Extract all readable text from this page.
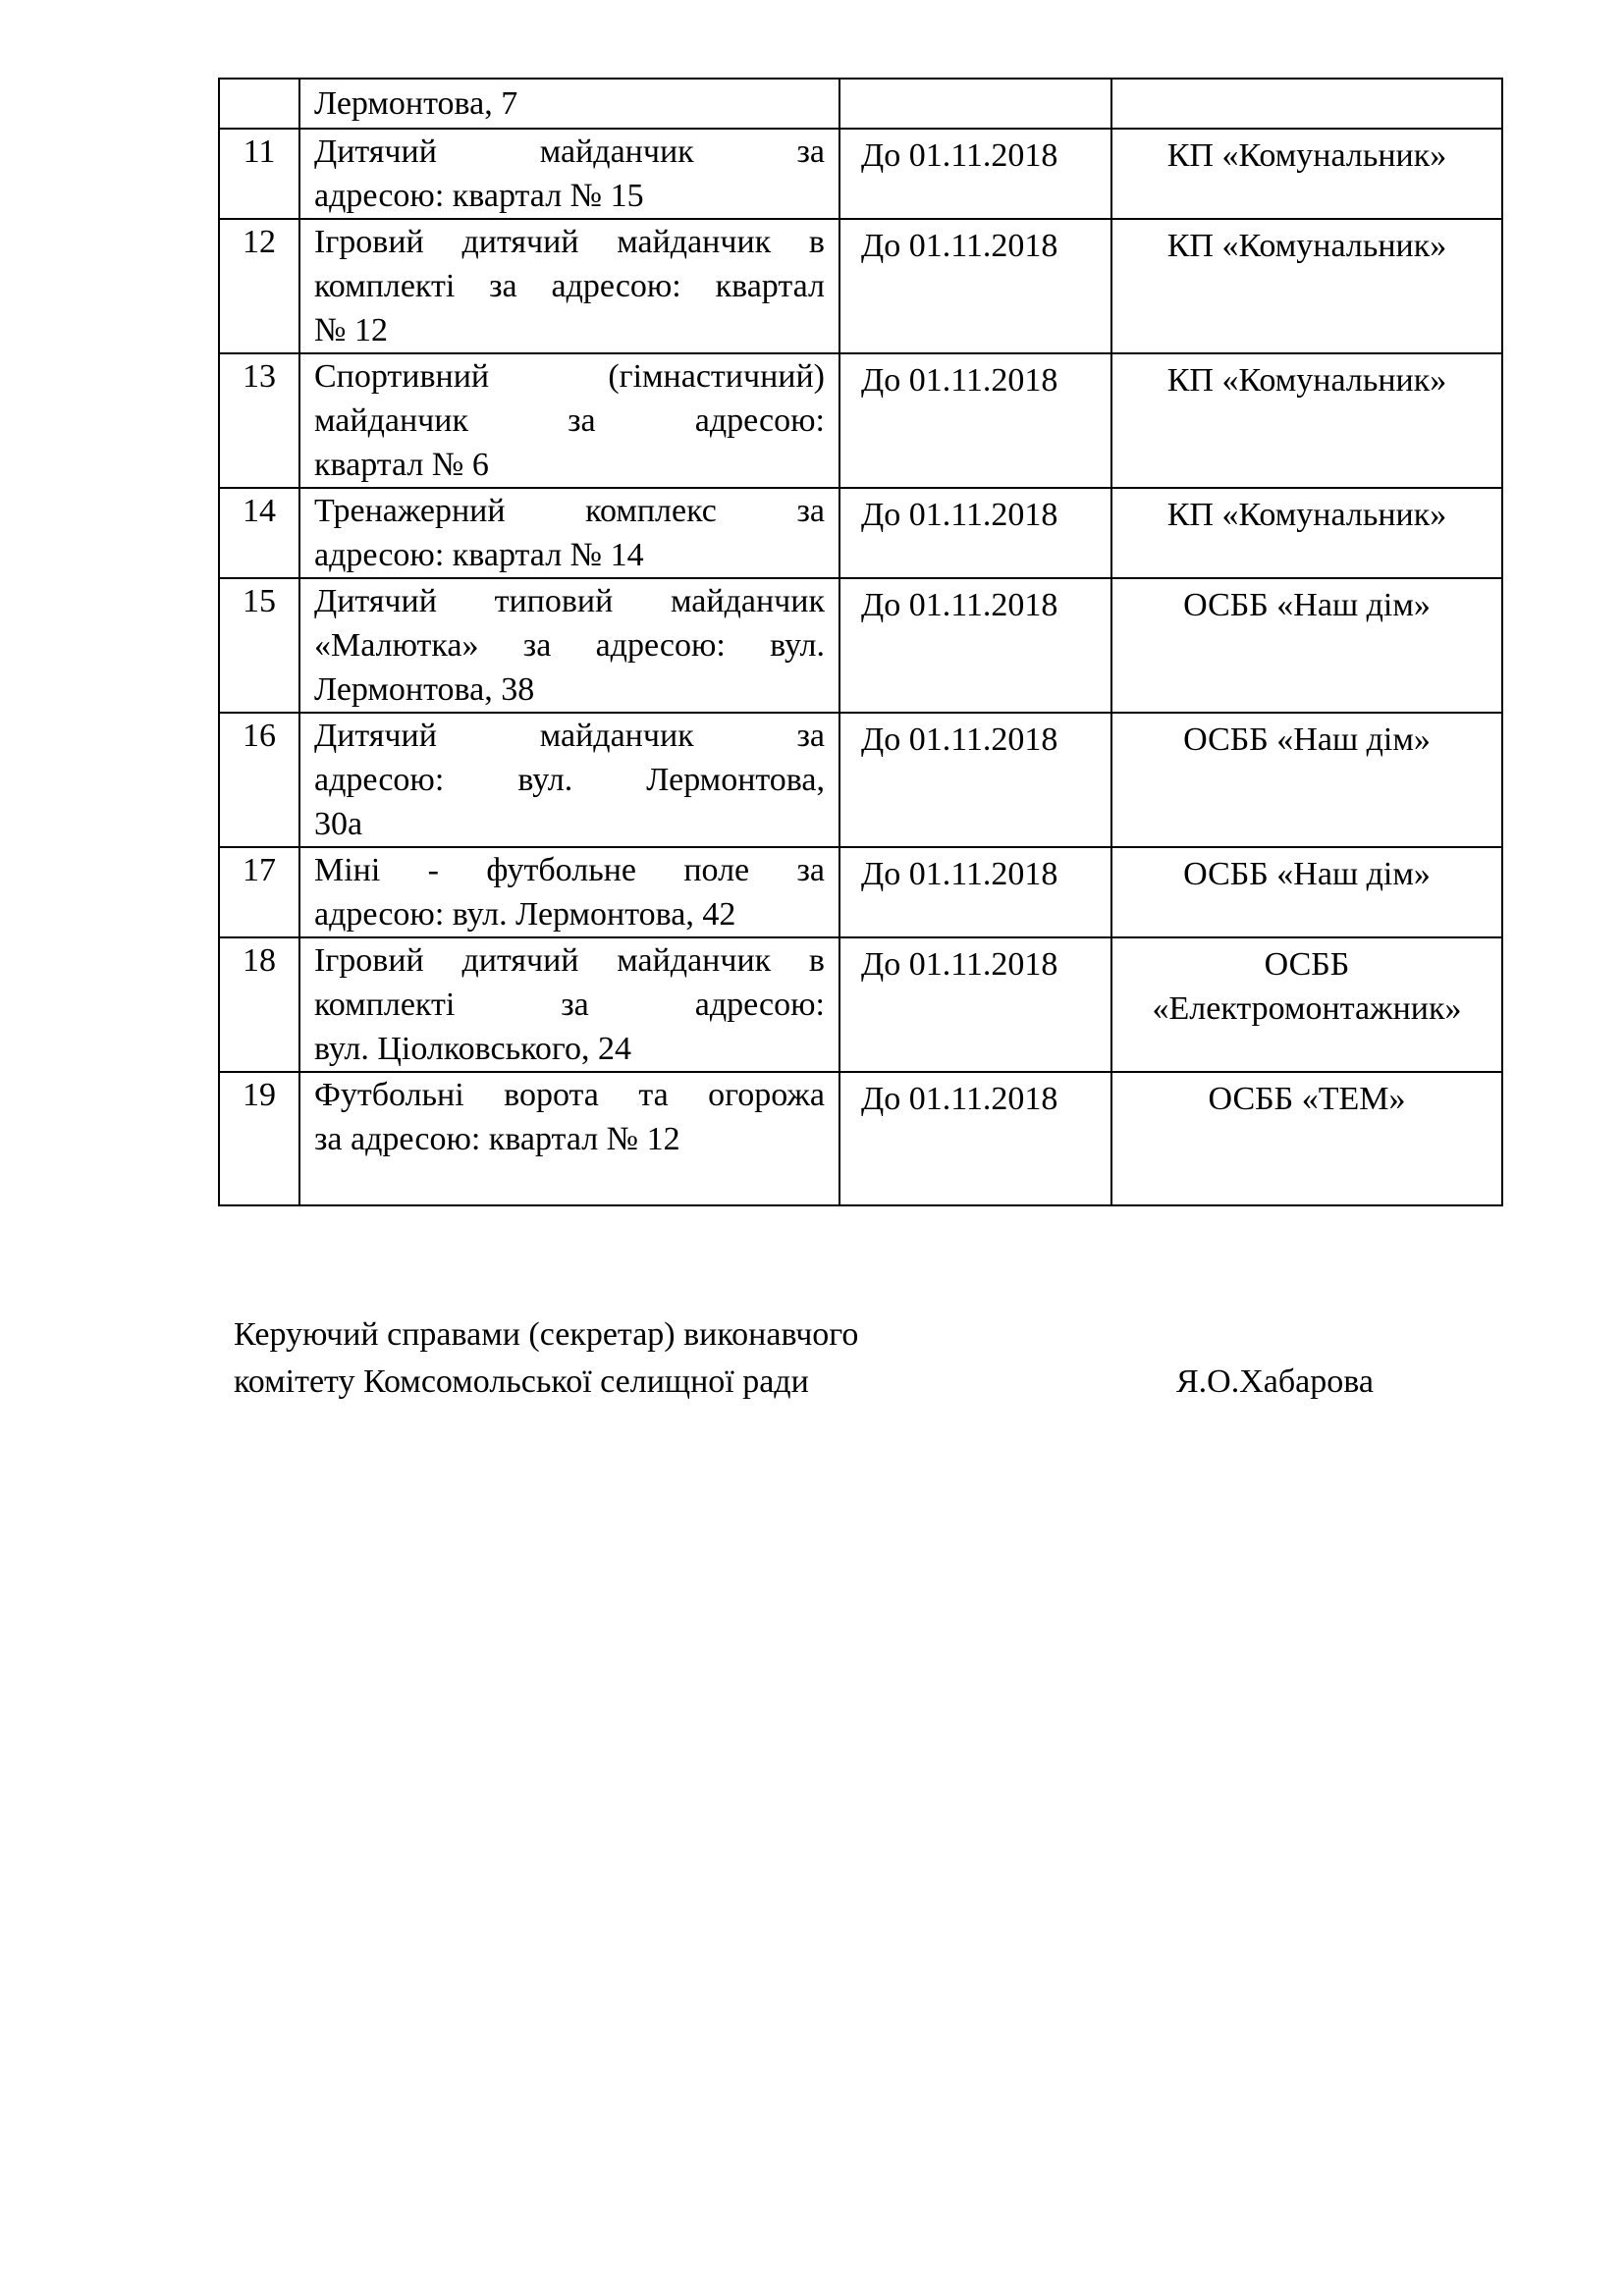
	Лермонтова, 7		

11	Дитячий майданчик за
адресою: квартал № 15	До 01.11.2018	КП «Комунальник»

12	Ігровий дитячий майданчик в
комплекті за адресою: квартал
№ 12	До 01.11.2018	КП «Комунальник»

13	Спортивний (гімнастичний)
майданчик за адресою:
квартал № 6	До 01.11.2018	КП «Комунальник»

14	Тренажерний комплекс за
адресою: квартал № 14	До 01.11.2018	КП «Комунальник»

15	Дитячий типовий майданчик
«Малютка» за адресою: вул.
Лермонтова, 38	До 01.11.2018	ОСББ «Наш дім»

16	Дитячий майданчик за
адресою: вул. Лермонтова,
30а	До 01.11.2018	ОСББ «Наш дім»

17	Міні - футбольне поле за
адресою: вул. Лермонтова, 42	До 01.11.2018	ОСББ «Наш дім»

18	Ігровий дитячий майданчик в
комплекті за адресою:
вул. Ціолковського, 24	До 01.11.2018	ОСББ
«Електромонтажник»

19	Футбольні ворота та огорожа
за адресою: квартал № 12	До 01.11.2018	ОСББ «ТЕМ»
Керуючий справами (секретар) виконавчого
комітету Комсомольської селищної ради	Я.О.Хабарова
